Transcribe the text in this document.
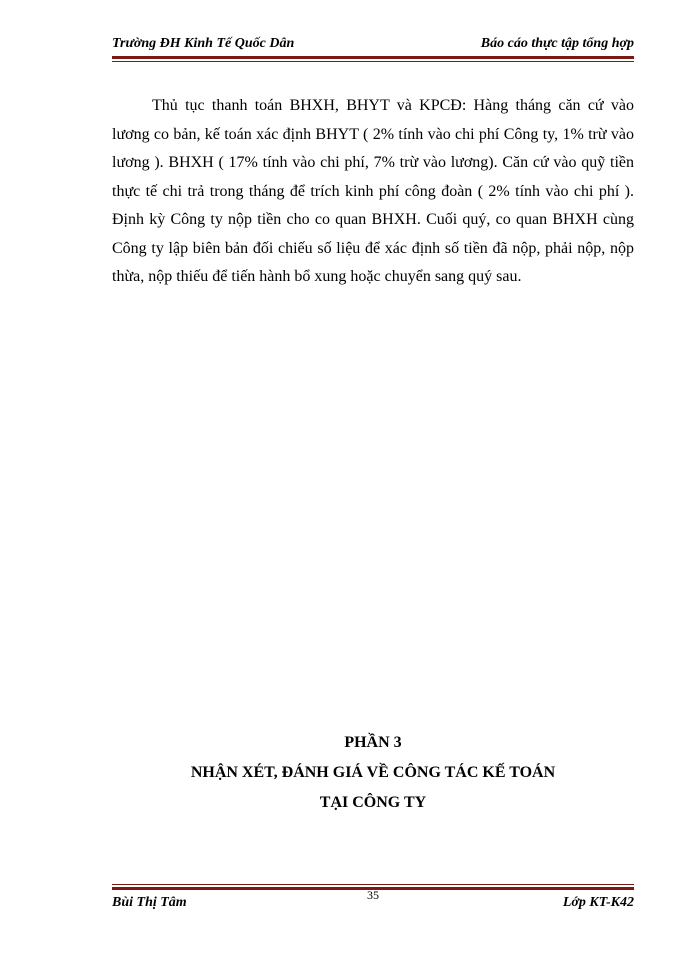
Trường ĐH Kinh Tế Quốc Dân	Báo cáo thực tập tổng hợp

Thủ tục thanh toán BHXH, BHYT và KPCĐ: Hàng tháng căn cứ vào lương co bản, kế toán xác định BHYT ( 2% tính vào chi phí Công ty, 1% trừ vào lương ). BHXH ( 17% tính vào chi phí, 7% trừ vào lương). Căn cứ vào quỹ tiền thực tế chi trả trong tháng để trích kinh phí công đoàn ( 2% tính vào chi phí ). Định kỳ Công ty nộp tiền cho co quan BHXH. Cuối quý, co quan BHXH cùng Công ty lập biên bản đối chiếu số liệu để xác định số tiền đã nộp, phải nộp, nộp thừa, nộp thiếu để tiến hành bổ xung hoặc chuyển sang quý sau.

PHẦN 3
NHẬN XÉT, ĐÁNH GIÁ VỀ CÔNG TÁC KẾ TOÁN
TẠI CÔNG TY
Bùi Thị Tâm	35	Lớp KT-K42
